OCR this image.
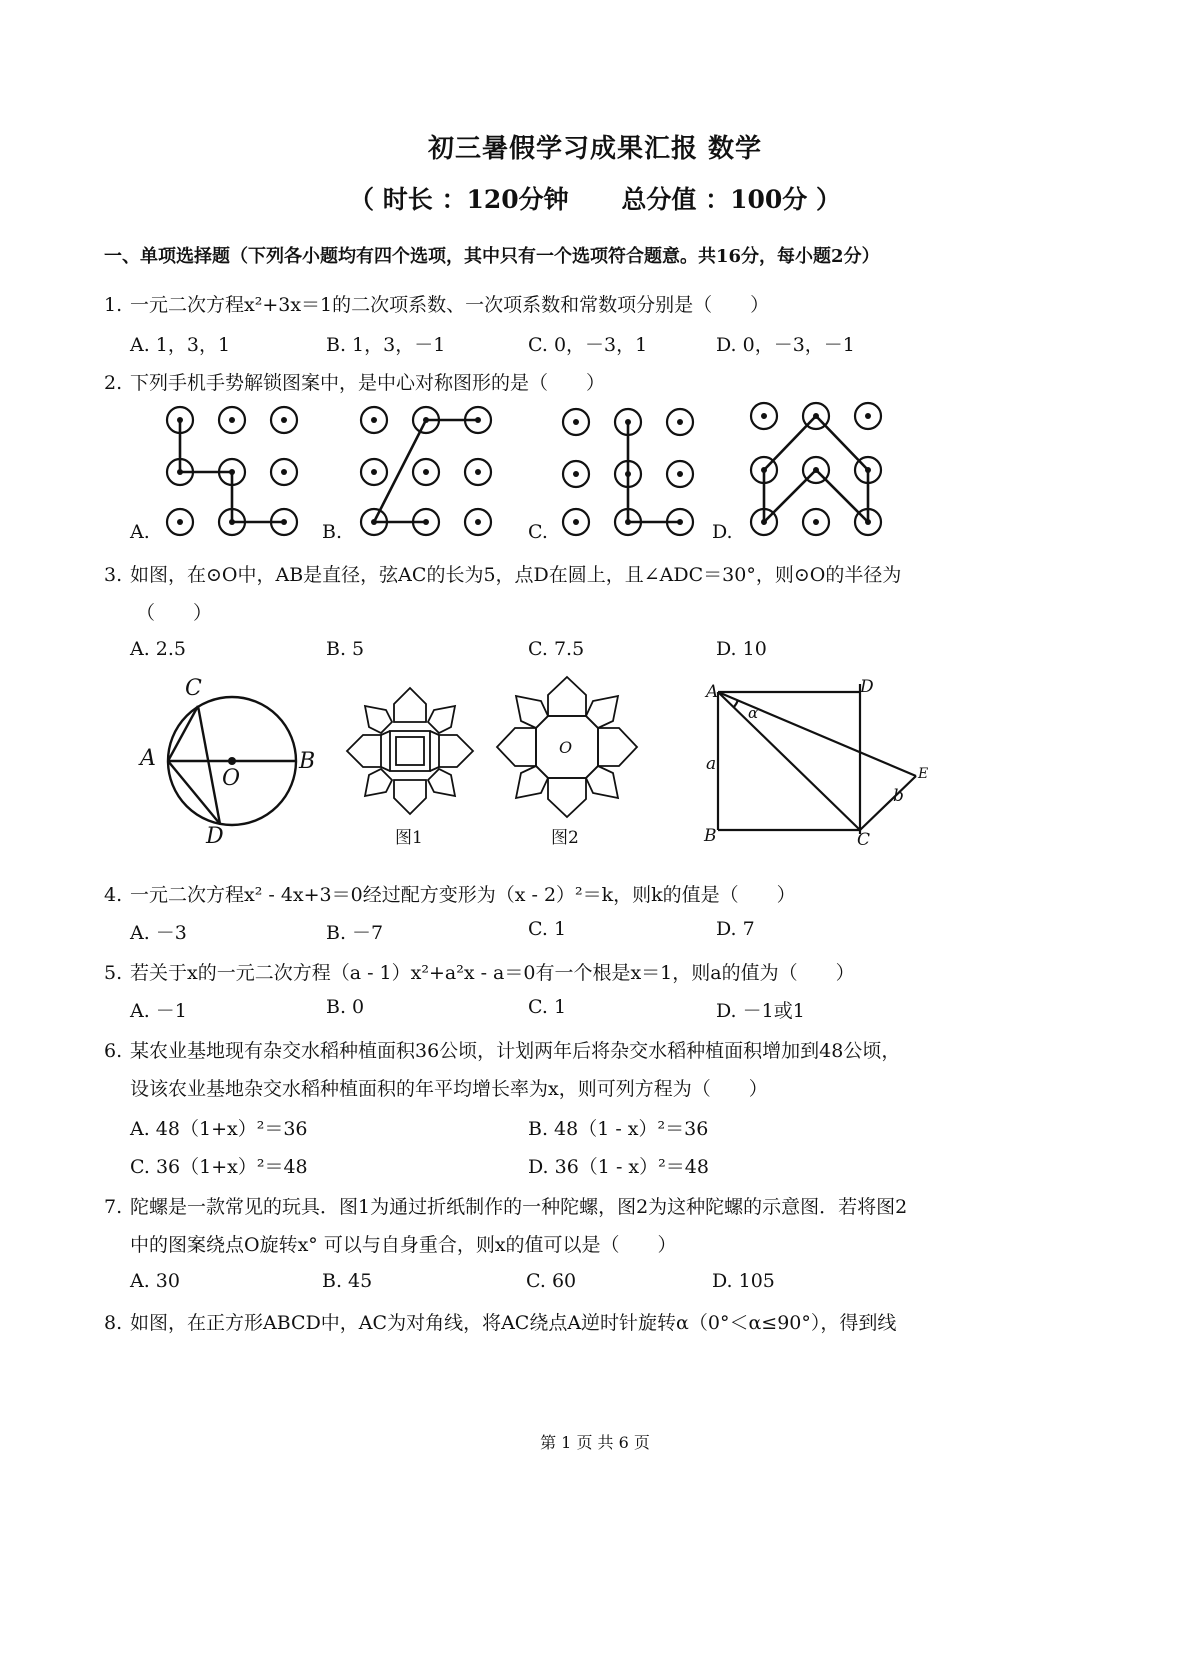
初三暑假学习成果汇报 数学
（ 时长 ：120分钟 总分值 ：100分 ）
一、单项选择题（下列各小题均有四个选项，其中只有一个选项符合题意。共16分，每小题2分）
1. 一元二次方程x²+3x＝1的二次项系数、一次项系数和常数项分别是（　　）
A. 1，3，1	B. 1，3，－1	C. 0，－3，1	D. 0，－3，－1
2. 下列手机手势解锁图案中，是中心对称图形的是（　　）
A.	B.	C.	D.
3. 如图，在⊙O中，AB是直径，弦AC的长为5，点D在圆上，且∠ADC＝30°，则⊙O的半径为
（　　）
A. 2.5	B. 5	C. 7.5	D. 10
C
A	B
O
D	图1
O
图2
A	D
α
E
a
b
B	C
4. 一元二次方程x² - 4x+3＝0经过配方变形为（x - 2）²＝k，则k的值是（　　）
A. －3	B. －7	C. 1	D. 7
5. 若关于x的一元二次方程（a - 1）x²+a²x - a＝0有一个根是x＝1，则a的值为（　　）
A. －1	B. 0	C. 1	D. －1或1
6. 某农业基地现有杂交水稻种植面积36公顷，计划两年后将杂交水稻种植面积增加到48公顷，
设该农业基地杂交水稻种植面积的年平均增长率为x，则可列方程为（　　）
A. 48（1+x）²＝36	B. 48（1 - x）²＝36
C. 36（1+x）²＝48	D. 36（1 - x）²＝48
7. 陀螺是一款常见的玩具．图1为通过折纸制作的一种陀螺，图2为这种陀螺的示意图．若将图2
中的图案绕点O旋转x° 可以与自身重合，则x的值可以是（　　）
A. 30	B. 45	C. 60	D. 105
8. 如图，在正方形ABCD中，AC为对角线，将AC绕点A逆时针旋转α（0°＜α≤90°），得到线
第 1 页 共 6 页
